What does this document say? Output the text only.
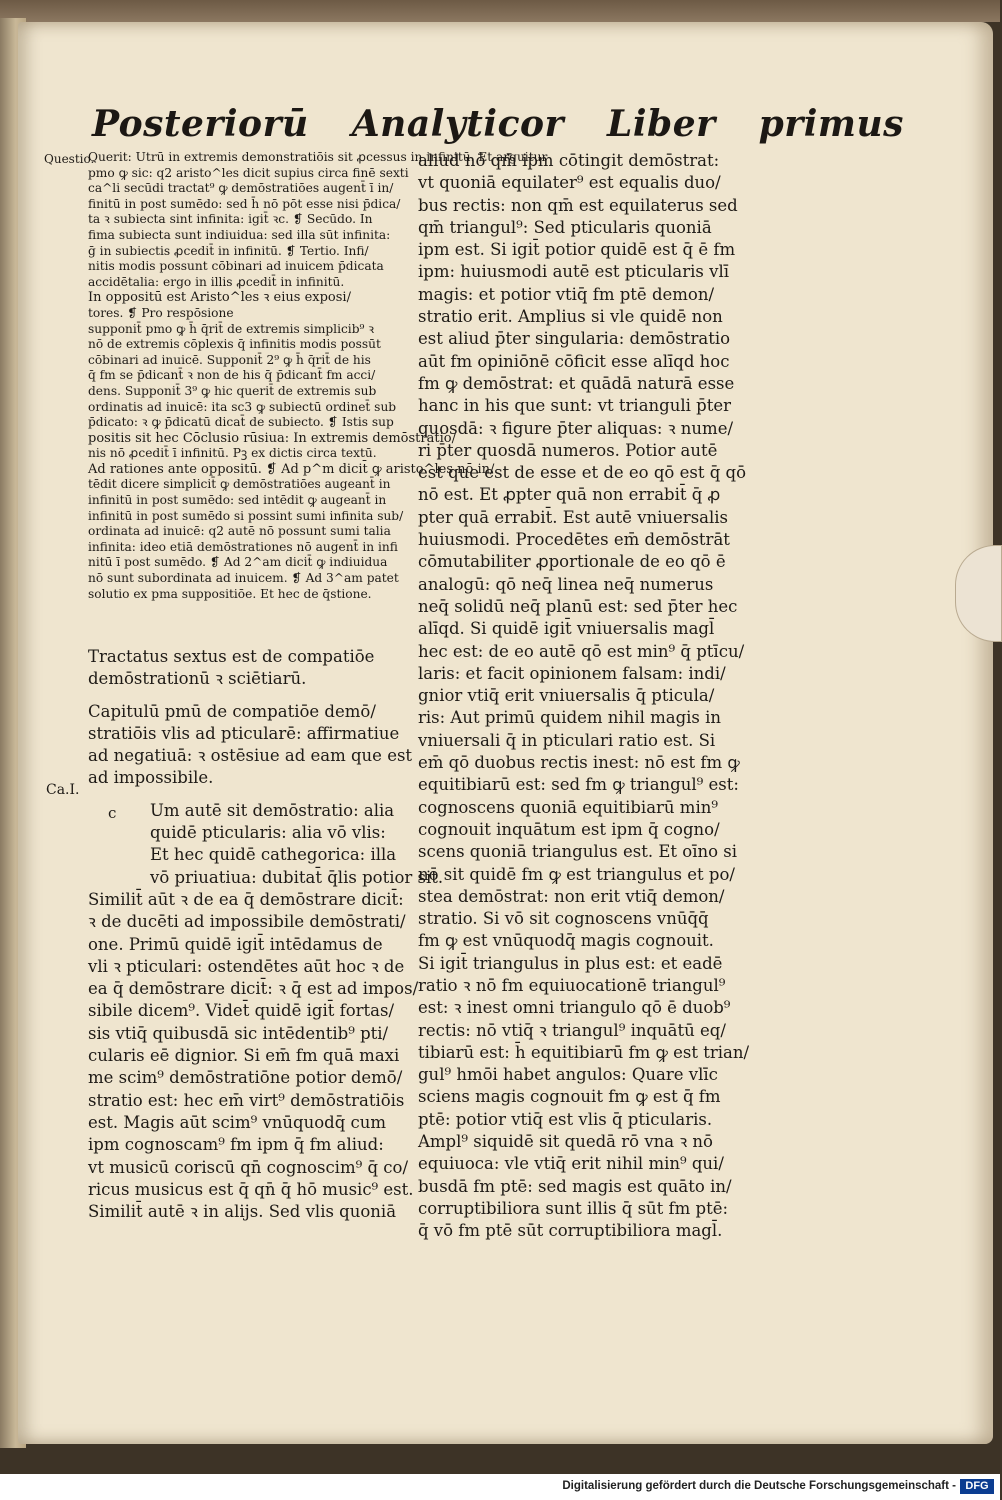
Posteriorū Analyticor Liber primus
Questio.
Ca.I.
c
Querit: Utrū in extremis demonstratiōis sit ꝓcessus in infinitū. Et arguitur
pmo ꝙ sic: q2 aristo^les dicit supius circa finē sexti
ca^li secūdi tractat⁹ ꝙ demōstratiōes augent̄ ī in/
finitū in post sumēdo: sed h̄ nō pōt esse nisi p̄dica/
ta ꝛ subiecta sint infinita: igit̄ ꝛc. ❡ Secūdo. In
fima subiecta sunt indiuidua: sed illa sūt infinita:
ḡ in subiectis ꝓcedit̄ in infinitū. ❡ Tertio. Infi/
nitis modis possunt cōbinari ad inuicem p̄dicata
accidētalia: ergo in illis ꝓcedit̄ in infinitū.
In oppositū est Aristo^les ꝛ eius exposi/
tores. ❡ Pro respōsione
supponit̄ pmo ꝙ h̄ q̄rit̄ de extremis simplicib⁹ ꝛ
nō de extremis cōplexis q̄ infinitis modis possūt
cōbinari ad inuicē. Supponit̄ 2⁹ ꝙ h̄ q̄rit̄ de his
q̄ fm se p̄dicant̄ ꝛ non de his q̄ p̄dicant̄ fm acci/
dens. Supponit̄ 3⁹ ꝙ hic querit̄ de extremis sub
ordinatis ad inuicē: ita sc3 ꝙ subiectū ordinet̄ sub
p̄dicato: ꝛ ꝙ p̄dicatū dicat̄ de subiecto. ❡ Istis sup
positis sit hec Cōclusio rūsiua: In extremis demōstratio/
nis nō ꝓcedit̄ ī infinitū. Pꝫ ex dictis circa textū.
Ad rationes ante oppositū. ❡ Ad p^m dicit̄ ꝙ aristo^les nō in/
tēdit dicere simplicit̄ ꝙ demōstratiōes augeant̄ in
infinitū in post sumēdo: sed intēdit ꝙ augeant̄ in
infinitū in post sumēdo si possint sumi infinita sub/
ordinata ad inuicē: q2 autē nō possunt sumi talia
infinita: ideo etiā demōstrationes nō augent̄ in infi
nitū ī post sumēdo. ❡ Ad 2^am dicit̄ ꝙ indiuidua
nō sunt subordinata ad inuicem. ❡ Ad 3^am patet
solutio ex pma suppositiōe. Et hec de q̄stione.
Tractatus sextus est de compatiōe
demōstrationū ꝛ sciētiarū.
Capitulū pmū de compatiōe demō/
stratiōis vlis ad pticularē: affirmatiue
ad negatiuā: ꝛ ostēsiue ad eam que est
ad impossibile.
Um autē sit demōstratio: alia
quidē pticularis: alia vō vlis:
Et hec quidē cathegorica: illa
vō priuatiua: dubitat̄ q̄lis potior sit.
Similit̄ aūt ꝛ de ea q̄ demōstrare dicit̄:
ꝛ de ducēti ad impossibile demōstrati/
one. Primū quidē igit̄ intēdamus de
vli ꝛ pticulari: ostendētes aūt hoc ꝛ de
ea q̄ demōstrare dicit̄: ꝛ q̄ est ad impos/
sibile dicem⁹. Videt̄ quidē igit̄ fortas/
sis vtiq̄ quibusdā sic intēdentib⁹ pti/
cularis eē dignior. Si em̄ fm quā maxi
me scim⁹ demōstratiōne potior demō/
stratio est: hec em̄ virt⁹ demōstratiōis
est. Magis aūt scim⁹ vnūquodq̄ cum
ipm cognoscam⁹ fm ipm q̄ fm aliud:
vt musicū coriscū qn̄ cognoscim⁹ q̄ co/
ricus musicus est q̄ qn̄ q̄ hō music⁹ est.
Similit̄ autē ꝛ in alijs. Sed vlis quoniā
aliud nō qm̄ ipm cōtingit demōstrat:
vt quoniā equilater⁹ est equalis duo/
bus rectis: non qm̄ est equilaterus sed
qm̄ triangul⁹: Sed pticularis quoniā
ipm est. Si igit̄ potior quidē est q̄ ē fm
ipm: huiusmodi autē est pticularis vlī
magis: et potior vtiq̄ fm ptē demon/
stratio erit. Amplius si vle quidē non
est aliud p̄ter singularia: demōstratio
aūt fm opiniōnē cōficit esse alīqd hoc
fm ꝙ demōstrat: et quādā naturā esse
hanc in his que sunt: vt trianguli p̄ter
quosdā: ꝛ figure p̄ter aliquas: ꝛ nume/
ri p̄ter quosdā numeros. Potior autē
est que est de esse et de eo qō est q̄ qō
nō est. Et ꝓpter quā non errabit̄ q̄ ꝓ
pter quā errabit̄. Est autē vniuersalis
huiusmodi. Procedētes em̄ demōstrāt
cōmutabiliter ꝓportionale de eo qō ē
analogū: qō neq̄ linea neq̄ numerus
neq̄ solidū neq̄ planū est: sed p̄ter hec
alīqd. Si quidē igit̄ vniuersalis magl̄
hec est: de eo autē qō est min⁹ q̄ ptīcu/
laris: et facit opinionem falsam: indi/
gnior vtiq̄ erit vniuersalis q̄ pticula/
ris: Aut primū quidem nihil magis in
vniuersali q̄ in pticulari ratio est. Si
em̄ qō duobus rectis inest: nō est fm ꝙ
equitibiarū est: sed fm ꝙ triangul⁹ est:
cognoscens quoniā equitibiarū min⁹
cognouit inquātum est ipm q̄ cogno/
scens quoniā triangulus est. Et oīno si
nō sit quidē fm ꝙ est triangulus et po/
stea demōstrat: non erit vtiq̄ demon/
stratio. Si vō sit cognoscens vnūq̄q̄
fm ꝙ est vnūquodq̄ magis cognouit.
Si igit̄ triangulus in plus est: et eadē
ratio ꝛ nō fm equiuocationē triangul⁹
est: ꝛ inest omni triangulo qō ē duob⁹
rectis: nō vtiq̄ ꝛ triangul⁹ inquātū eq/
tibiarū est: h̄ equitibiarū fm ꝙ est trian/
gul⁹ hmōi habet angulos: Quare vlīc
sciens magis cognouit fm ꝙ est q̄ fm
ptē: potior vtiq̄ est vlis q̄ pticularis.
Ampl⁹ siquidē sit quedā rō vna ꝛ nō
equiuoca: vle vtiq̄ erit nihil min⁹ qui/
busdā fm ptē: sed magis est quāto in/
corruptibiliora sunt illis q̄ sūt fm ptē:
q̄ vō fm ptē sūt corruptibiliora magl̄.
Digitalisierung gefördert durch die Deutsche Forschungsgemeinschaft - DFG
